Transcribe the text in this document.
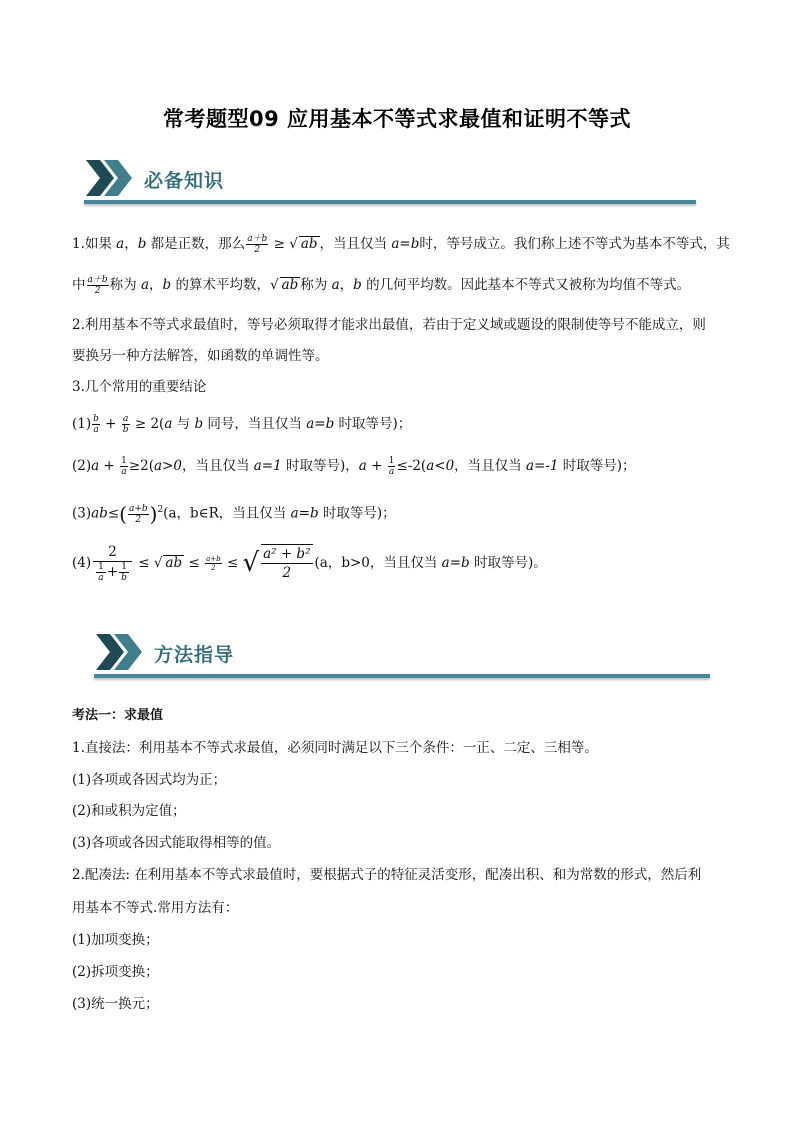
常考题型09 应用基本不等式求最值和证明不等式
必备知识
1.如果 a，b 都是正数，那么 $\frac{a+b}{2}$ ≥ √ ab ，当且仅当 a=b时，等号成立。我们称上述不等式为基本不等式，其
中 $\frac{a+b}{2}$ 称为 a，b 的算术平均数，√ ab 称为 a，b 的几何平均数。因此基本不等式又被称为均值不等式。
2.利用基本不等式求最值时，等号必须取得才能求出最值，若由于定义域或题设的限制使等号不能成立，则
要换另一种方法解答，如函数的单调性等。
3.几个常用的重要结论
$(1) \frac{b}{a} + \frac{a}{b} \ge 2(a$ 与 b 同号，当且仅当 a=b 时取等号)；
$(2)a + \frac{1}{a} \ge 2(a>0$，当且仅当 a=1 时取等号)，$a + \frac{1}{a} \le-2(a<0$，当且仅当 a=-1 时取等号)；
$(3)ab\le( \frac{a+b}{2} )^2(a$，b∈R，当且仅当 a=b 时取等号)；
$(4) \frac{2}{\frac{1}{a} + \frac{1}{b}}$ ≤ √ ab ≤ $\frac{a+b}{2}$ ≤ √ $\frac{\text{a² + b²}}{2} (a$，b>0，当且仅当 a=b 时取等号)。
方法指导
考法一：求最值
1.直接法：利用基本不等式求最值，必须同时满足以下三个条件：一正、二定、三相等。
(1)各项或各因式均为正；
(2)和或积为定值；
(3)各项或各因式能取得相等的值。
2.配凑法: 在利用基本不等式求最值时，要根据式子的特征灵活变形，配凑出积、和为常数的形式，然后利
用基本不等式.常用方法有：
(1)加项变换；
(2)拆项变换；
(3)统一换元；
